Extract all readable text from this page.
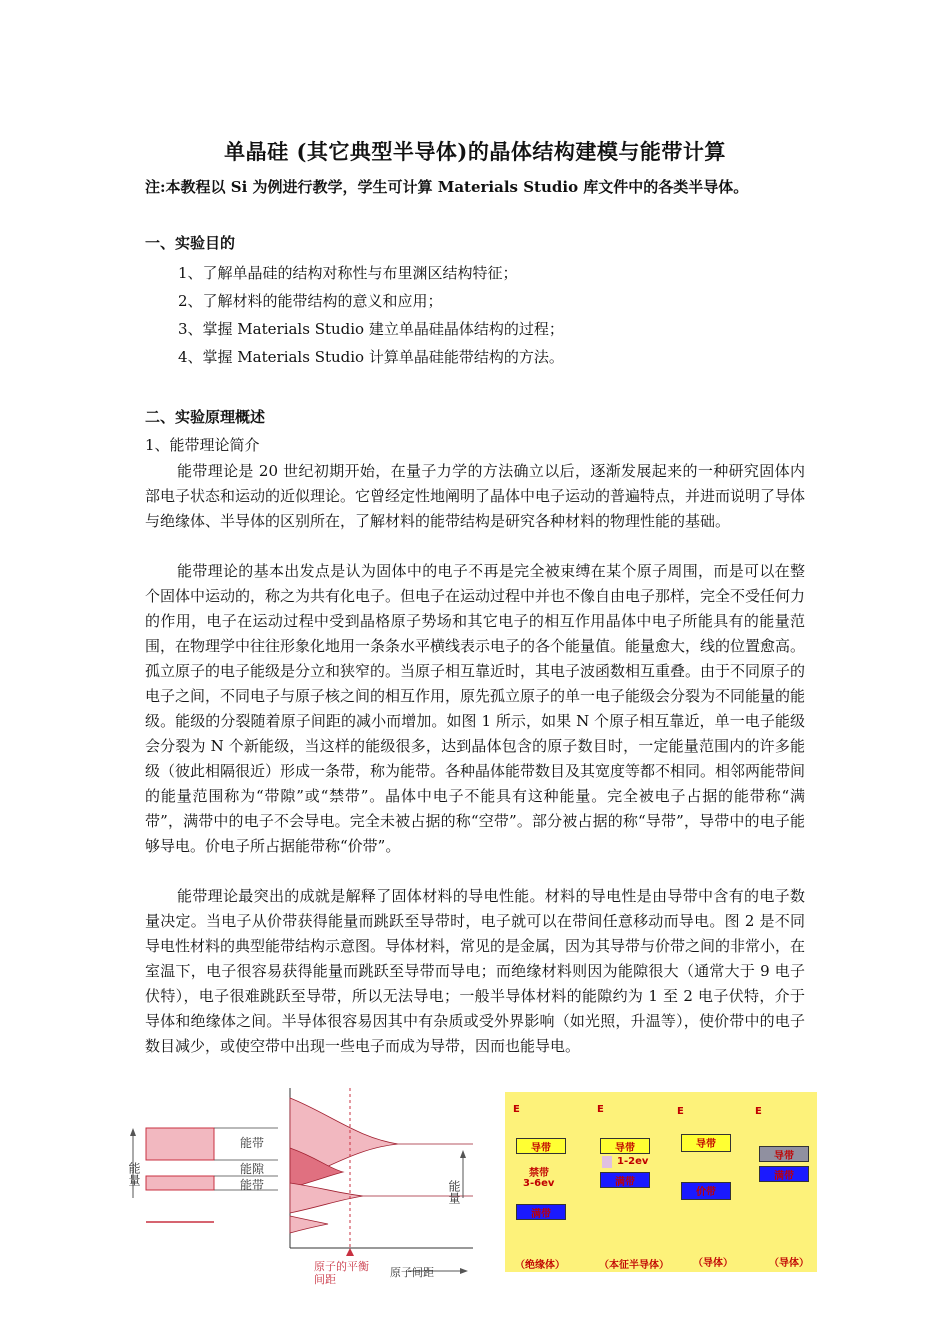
单晶硅 (其它典型半导体)的晶体结构建模与能带计算
注:本教程以 Si 为例进行教学，学生可计算 Materials Studio 库文件中的各类半导体。
一、实验目的
1、了解单晶硅的结构对称性与布里渊区结构特征；
2、了解材料的能带结构的意义和应用；
3、掌握 Materials Studio 建立单晶硅晶体结构的过程；
4、掌握 Materials Studio 计算单晶硅能带结构的方法。
二、实验原理概述
1、能带理论简介

能带理论是 20 世纪初期开始，在量子力学的方法确立以后，逐渐发展起来的一种研究固体内部电子状态和运动的近似理论。它曾经定性地阐明了晶体中电子运动的普遍特点，并进而说明了导体与绝缘体、半导体的区别所在，了解材料的能带结构是研究各种材料的物理性能的基础。

能带理论的基本出发点是认为固体中的电子不再是完全被束缚在某个原子周围，而是可以在整个固体中运动的，称之为共有化电子。但电子在运动过程中并也不像自由电子那样，完全不受任何力的作用，电子在运动过程中受到晶格原子势场和其它电子的相互作用晶体中电子所能具有的能量范围，在物理学中往往形象化地用一条条水平横线表示电子的各个能量值。能量愈大，线的位置愈高。孤立原子的电子能级是分立和狭窄的。当原子相互靠近时，其电子波函数相互重叠。由于不同原子的电子之间，不同电子与原子核之间的相互作用，原先孤立原子的单一电子能级会分裂为不同能量的能级。能级的分裂随着原子间距的减小而增加。如图 1 所示，如果 N 个原子相互靠近，单一电子能级会分裂为 N 个新能级，当这样的能级很多，达到晶体包含的原子数目时，一定能量范围内的许多能级（彼此相隔很近）形成一条带，称为能带。各种晶体能带数目及其宽度等都不相同。相邻两能带间的能量范围称为“带隙”或“禁带”。晶体中电子不能具有这种能量。完全被电子占据的能带称“满带”，满带中的电子不会导电。完全未被占据的称“空带”。部分被占据的称“导带”，导带中的电子能够导电。价电子所占据能带称“价带”。

能带理论最突出的成就是解释了固体材料的导电性能。材料的导电性是由导带中含有的电子数量决定。当电子从价带获得能量而跳跃至导带时，电子就可以在带间任意移动而导电。图 2 是不同导电性材料的典型能带结构示意图。导体材料，常见的是金属，因为其导带与价带之间的非常小，在室温下，电子很容易获得能量而跳跃至导带而导电；而绝缘材料则因为能隙很大（通常大于 9 电子伏特），电子很难跳跃至导带，所以无法导电；一般半导体材料的能隙约为 1 至 2 电子伏特，介于导体和绝缘体之间。半导体很容易因其中有杂质或受外界影响（如光照，升温等），使价带中的电子数目减少，或使空带中出现一些电子而成为导带，因而也能导电。

能量
能量
能带
能隙
能带
原子的平衡间距
原子间距
E
导带
禁带
3-6ev
满带
（绝缘体）
E
导带
1-2ev
满带
（本征半导体）
E
导带
价带
（导体）
E
导带
满带
（导体）
